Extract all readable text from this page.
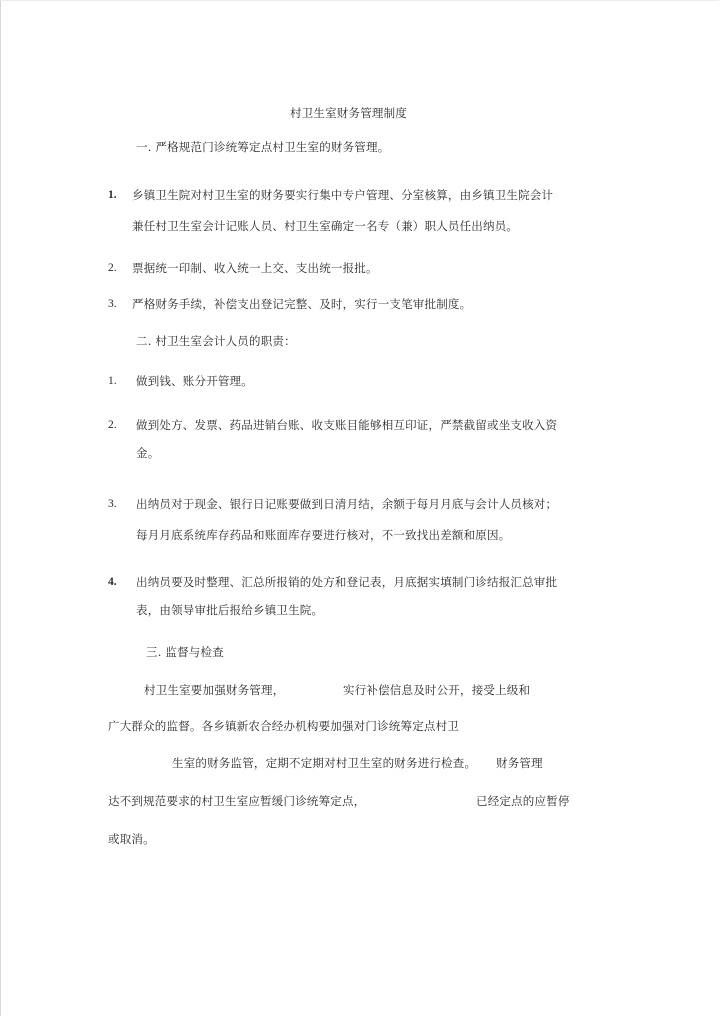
村卫生室财务管理制度
一. 严格规范门诊统筹定点村卫生室的财务管理。
1. 乡镇卫生院对村卫生室的财务要实行集中专户管理、分室核算，由乡镇卫生院会计
兼任村卫生室会计记账人员、村卫生室确定一名专（兼）职人员任出纳员。
2. 票据统一印制、收入统一上交、支出统一报批。
3. 严格财务手续，补偿支出登记完整、及时，实行一支笔审批制度。
二. 村卫生室会计人员的职责：
1. 做到钱、账分开管理。
2. 做到处方、发票、药品进销台账、收支账目能够相互印证，严禁截留或坐支收入资
金。
3. 出纳员对于现金、银行日记账要做到日清月结，余额于每月月底与会计人员核对；
每月月底系统库存药品和账面库存要进行核对，不一致找出差额和原因。
4. 出纳员要及时整理、汇总所报销的处方和登记表，月底据实填制门诊结报汇总审批
表，由领导审批后报给乡镇卫生院。
三. 监督与检查
村卫生室要加强财务管理，	实行补偿信息及时公开，接受上级和
广大群众的监督。各乡镇新农合经办机构要加强对门诊统筹定点村卫
生室的财务监管，定期不定期对村卫生室的财务进行检查。 财务管理
达不到规范要求的村卫生室应暂缓门诊统筹定点，	已经定点的应暂停
或取消。
